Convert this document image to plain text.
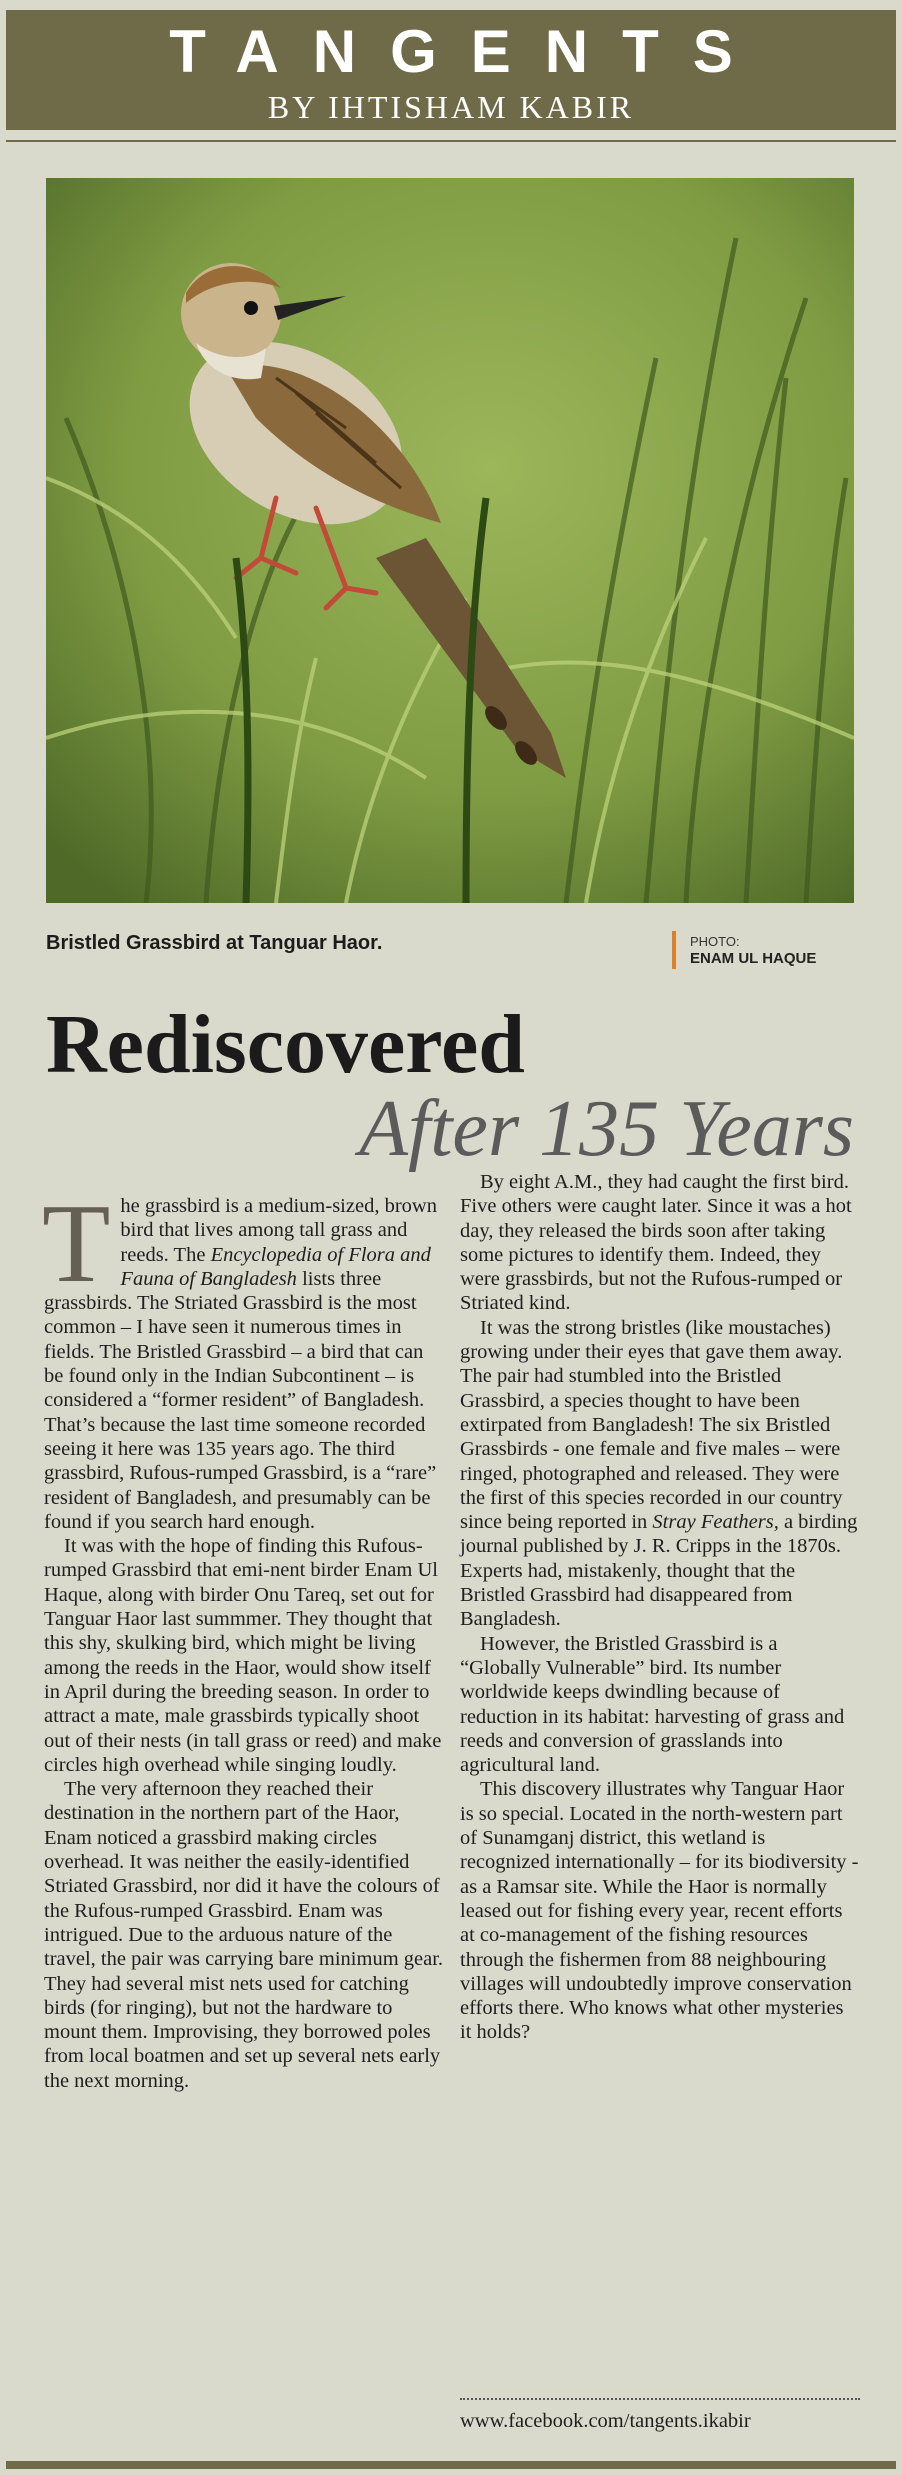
TANGENTS
BY IHTISHAM KABIR
Bristled Grassbird at Tanguar Haor.	PHOTO:
ENAM UL HAQUE
Rediscovered
After 135 Years

The grassbird is a medium-sized, brown bird that lives among tall grass and reeds. The Encyclopedia of Flora and Fauna of Bangladesh lists three grassbirds. The Striated Grassbird is the most common – I have seen it numerous times in fields. The Bristled Grassbird – a bird that can be found only in the Indian Subcontinent – is considered a “former resident” of Bangladesh. That’s because the last time someone recorded seeing it here was 135 years ago. The third grassbird, Rufous-rumped Grassbird, is a “rare” resident of Bangladesh, and presumably can be found if you search hard enough.

It was with the hope of finding this Rufous-rumped Grassbird that emi-nent birder Enam Ul Haque, along with birder Onu Tareq, set out for Tanguar Haor last summmer. They thought that this shy, skulking bird, which might be living among the reeds in the Haor, would show itself in April during the breeding season. In order to attract a mate, male grassbirds typically shoot out of their nests (in tall grass or reed) and make circles high overhead while singing loudly.

The very afternoon they reached their destination in the northern part of the Haor, Enam noticed a grassbird making circles overhead. It was neither the easily-identified Striated Grassbird, nor did it have the colours of the Rufous-rumped Grassbird. Enam was intrigued. Due to the arduous nature of the travel, the pair was carrying bare minimum gear. They had several mist nets used for catching birds (for ringing), but not the hardware to mount them. Improvising, they borrowed poles from local boatmen and set up several nets early the next morning.

By eight A.M., they had caught the first bird. Five others were caught later. Since it was a hot day, they released the birds soon after taking some pictures to identify them. Indeed, they were grassbirds, but not the Rufous-rumped or Striated kind.

It was the strong bristles (like moustaches) growing under their eyes that gave them away. The pair had stumbled into the Bristled Grassbird, a species thought to have been extirpated from Bangladesh! The six Bristled Grassbirds - one female and five males – were ringed, photographed and released. They were the first of this species recorded in our country since being reported in Stray Feathers, a birding journal published by J. R. Cripps in the 1870s. Experts had, mistakenly, thought that the Bristled Grassbird had disappeared from Bangladesh.

However, the Bristled Grassbird is a “Globally Vulnerable” bird. Its number worldwide keeps dwindling because of reduction in its habitat: harvesting of grass and reeds and conversion of grasslands into agricultural land.

This discovery illustrates why Tanguar Haor is so special. Located in the north-western part of Sunamganj district, this wetland is recognized internationally – for its biodiversity - as a Ramsar site. While the Haor is normally leased out for fishing every year, recent efforts at co-management of the fishing resources through the fishermen from 88 neighbouring villages will undoubtedly improve conservation efforts there. Who knows what other mysteries it holds?

www.facebook.com/tangents.ikabir
